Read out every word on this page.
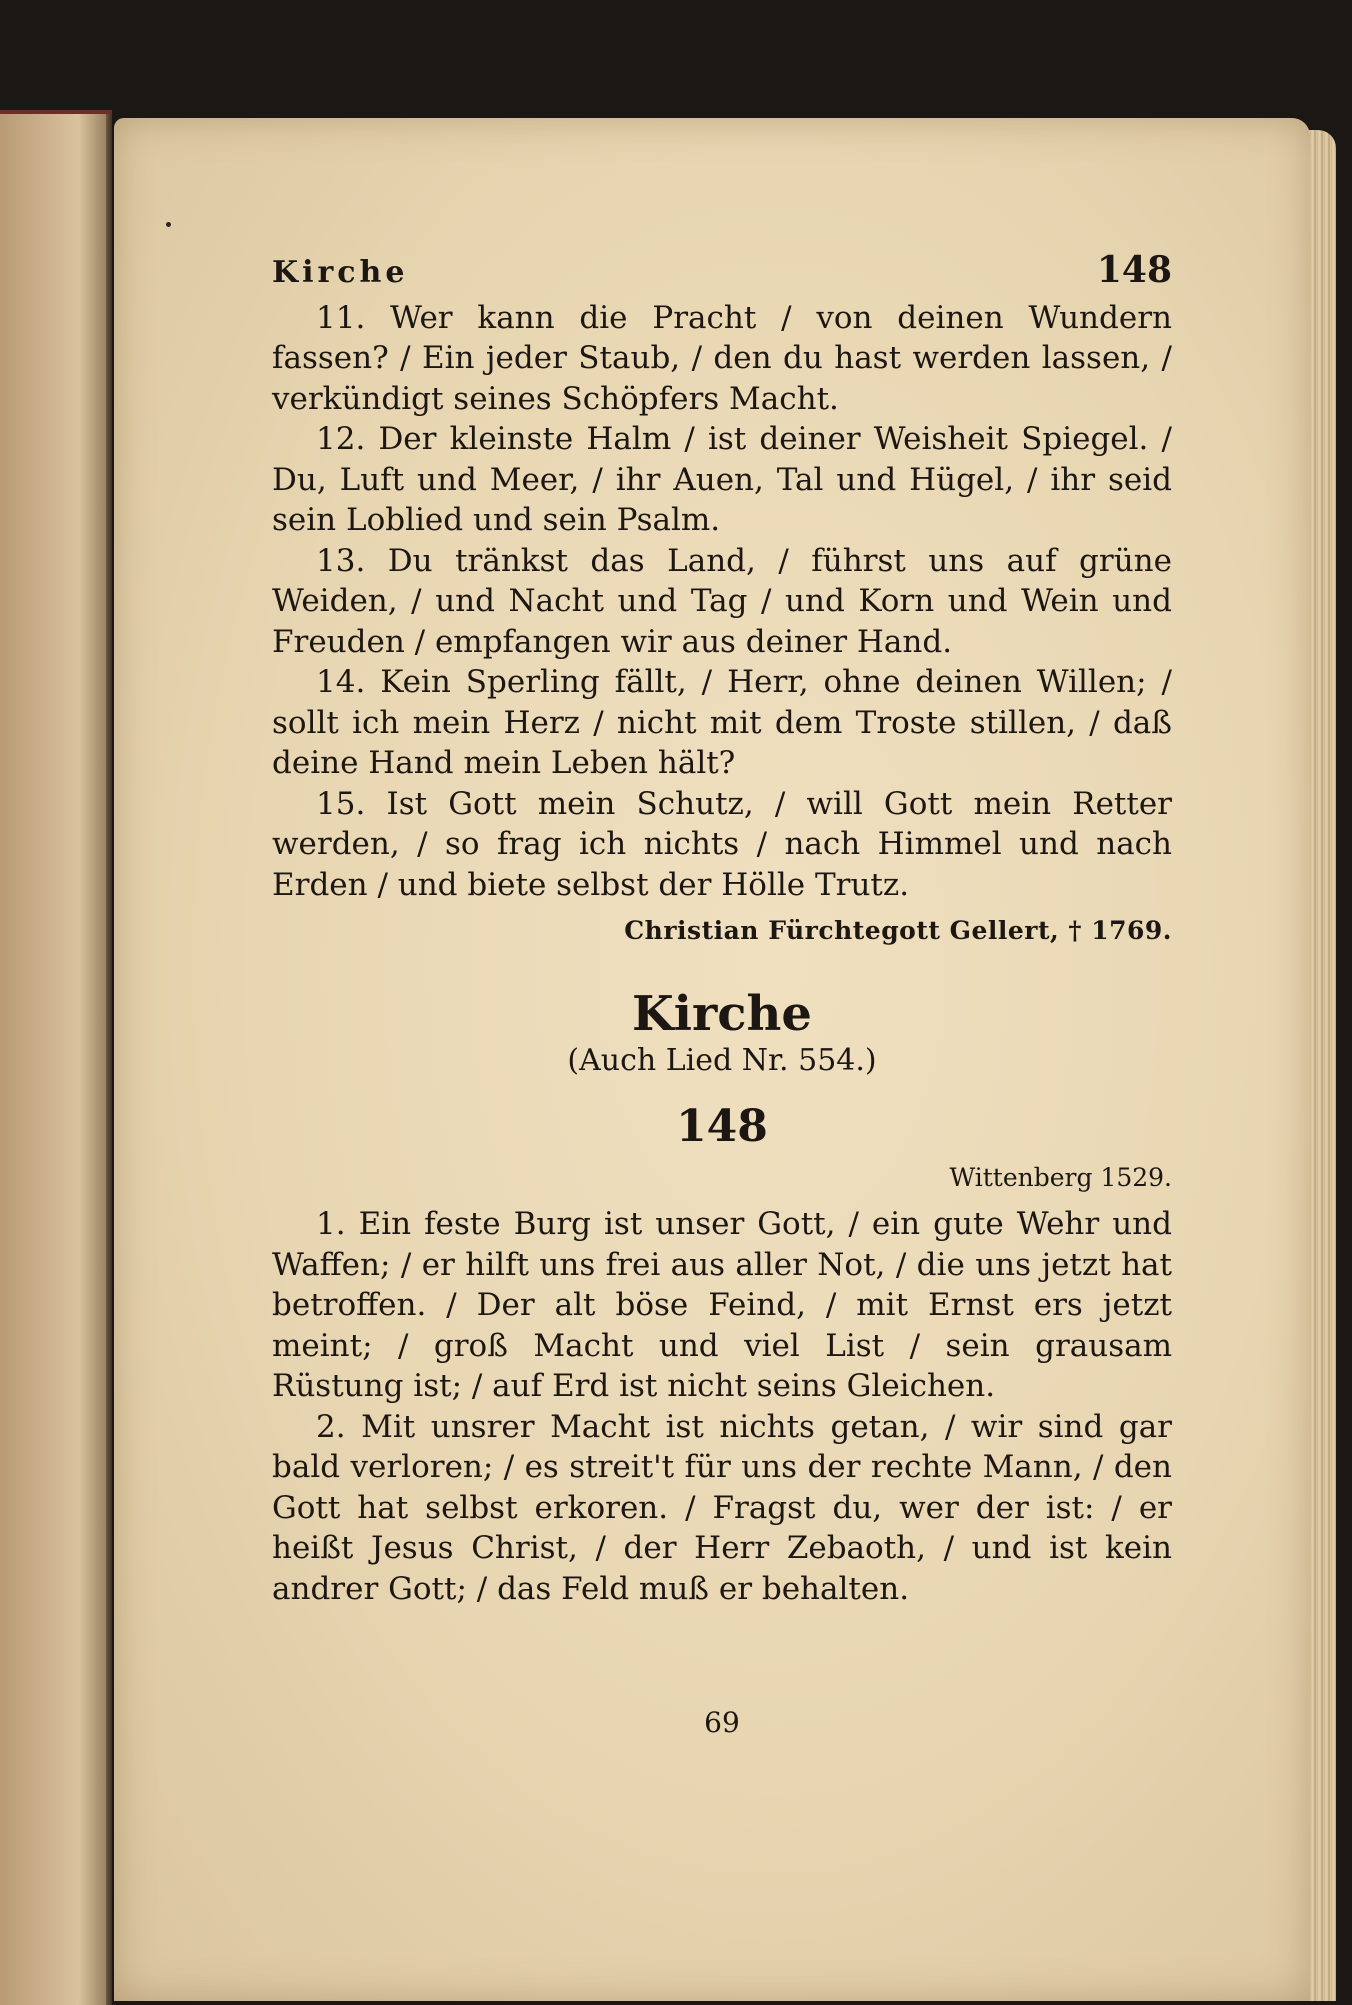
Kirche	148

11. Wer kann die Pracht / von deinen Wundern fassen? / Ein jeder Staub, / den du hast werden lassen, / verkündigt seines Schöpfers Macht.

12. Der kleinste Halm / ist deiner Weisheit Spiegel. / Du, Luft und Meer, / ihr Auen, Tal und Hügel, / ihr seid sein Loblied und sein Psalm.

13. Du tränkst das Land, / führst uns auf grüne Weiden, / und Nacht und Tag / und Korn und Wein und Freuden / empfangen wir aus deiner Hand.

14. Kein Sperling fällt, / Herr, ohne deinen Willen; / sollt ich mein Herz / nicht mit dem Troste stillen, / daß deine Hand mein Leben hält?

15. Ist Gott mein Schutz, / will Gott mein Retter werden, / so frag ich nichts / nach Himmel und nach Erden / und biete selbst der Hölle Trutz.

Christian Fürchtegott Gellert, † 1769.
Kirche
(Auch Lied Nr. 554.)
148
Wittenberg 1529.

1. Ein feste Burg ist unser Gott, / ein gute Wehr und Waffen; / er hilft uns frei aus aller Not, / die uns jetzt hat betroffen. / Der alt böse Feind, / mit Ernst ers jetzt meint; / groß Macht und viel List / sein grausam Rüstung ist; / auf Erd ist nicht seins Gleichen.

2. Mit unsrer Macht ist nichts getan, / wir sind gar bald verloren; / es streit't für uns der rechte Mann, / den Gott hat selbst erkoren. / Fragst du, wer der ist: / er heißt Jesus Christ, / der Herr Zebaoth, / und ist kein andrer Gott; / das Feld muß er behalten.

69
